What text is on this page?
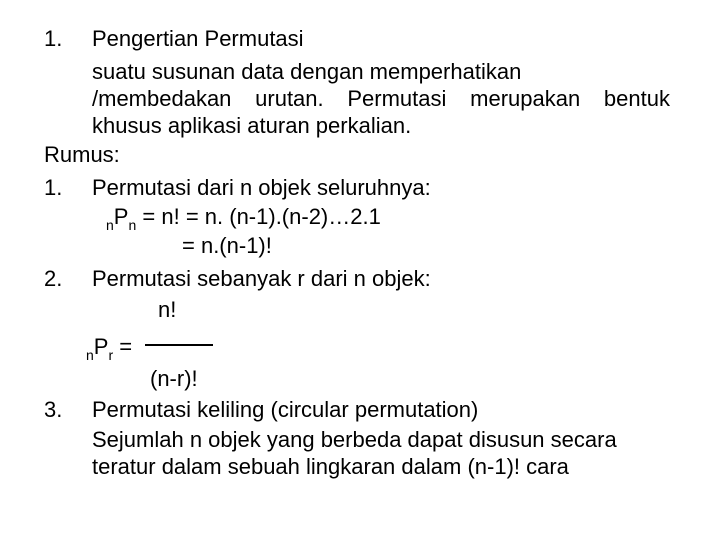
1. Pengertian Permutasi
suatu susunan data dengan memperhatikan
/membedakan urutan. Permutasi merupakan bentuk
khusus aplikasi aturan perkalian.
Rumus:
1. Permutasi dari n objek seluruhnya:
$_nP_n = n$! = n. (n-1).(n-2)…2.1
= n.(n-1)!
2. Permutasi sebanyak r dari n objek:
n!
$_nP_r$ =
(n-r)!
3. Permutasi keliling (circular permutation)
Sejumlah n objek yang berbeda dapat disusun secara
teratur dalam sebuah lingkaran dalam (n-1)! cara
